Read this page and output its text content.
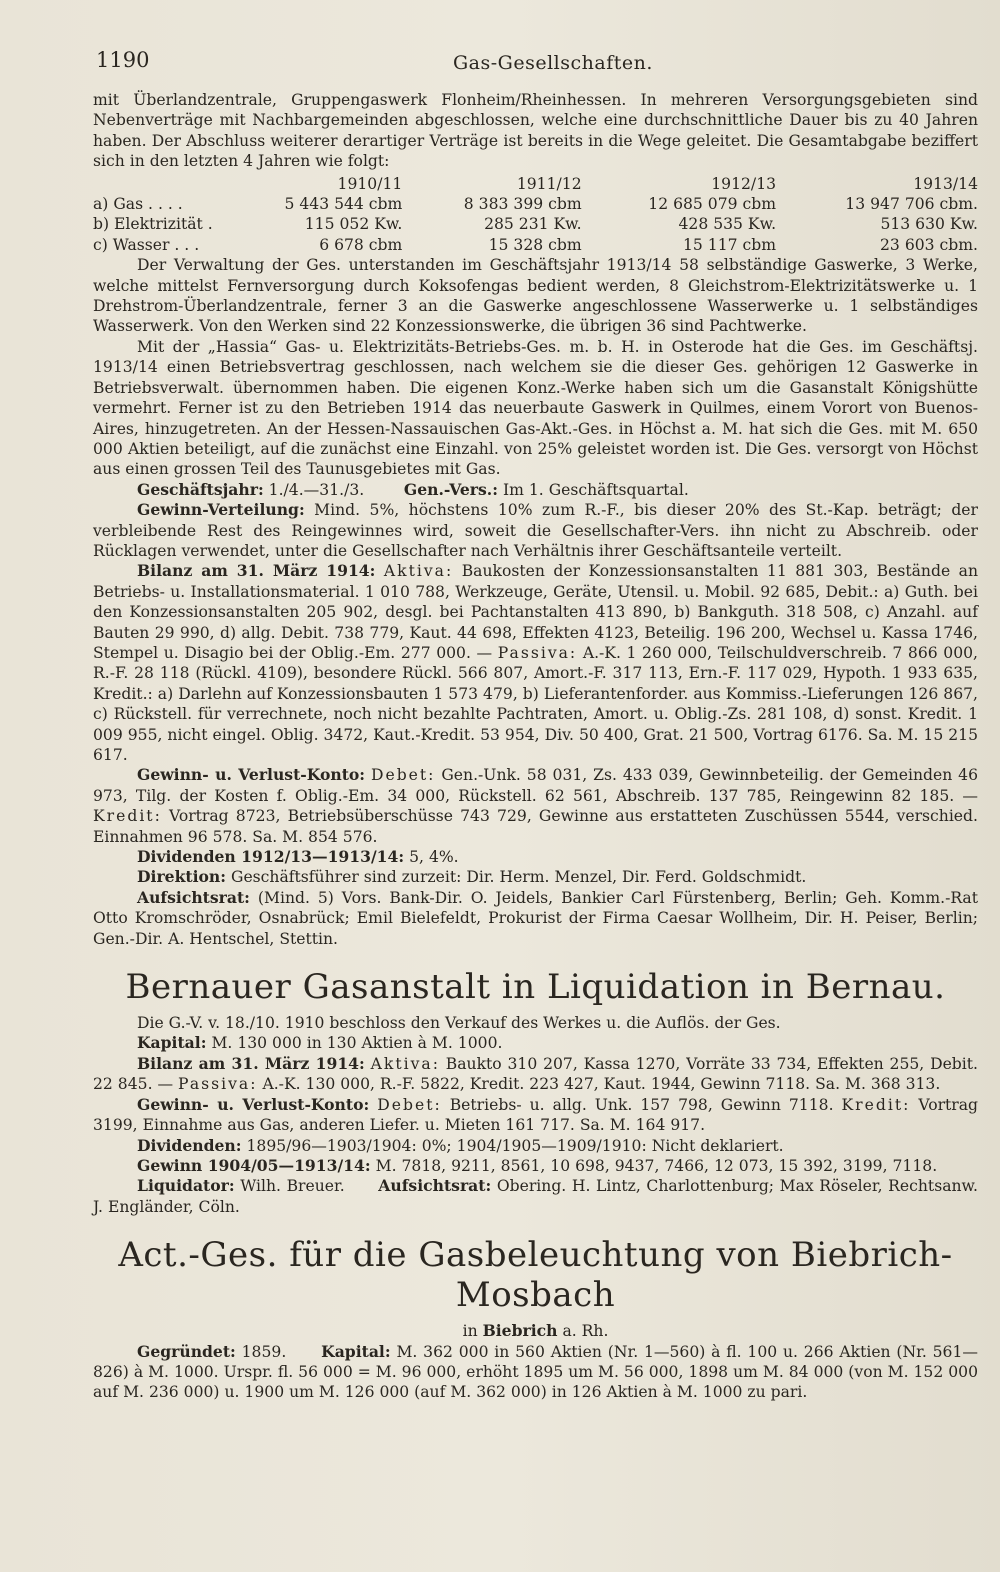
1190	Gas-Gesellschaften.

mit Überlandzentrale, Gruppengaswerk Flonheim/Rheinhessen. In mehreren Versorgungsgebieten sind Nebenverträge mit Nachbargemeinden abgeschlossen, welche eine durchschnittliche Dauer bis zu 40 Jahren haben. Der Abschluss weiterer derartiger Verträge ist bereits in die Wege geleitet. Die Gesamtabgabe beziffert sich in den letzten 4 Jahren wie folgt:

	1910/11	1911/12	1912/13	1913/14
a) Gas . . . .	5 443 544 cbm	8 383 399 cbm	12 685 079 cbm	13 947 706 cbm.
b) Elektrizität .	115 052 Kw.	285 231 Kw.	428 535 Kw.	513 630 Kw.
c) Wasser . . .	6 678 cbm	15 328 cbm	15 117 cbm	23 603 cbm.

Der Verwaltung der Ges. unterstanden im Geschäftsjahr 1913/14 58 selbständige Gaswerke, 3 Werke, welche mittelst Fernversorgung durch Koksofengas bedient werden, 8 Gleichstrom-Elektrizitätswerke u. 1 Drehstrom-Überlandzentrale, ferner 3 an die Gaswerke angeschlossene Wasserwerke u. 1 selbständiges Wasserwerk. Von den Werken sind 22 Konzessionswerke, die übrigen 36 sind Pachtwerke.

Mit der „Hassia“ Gas- u. Elektrizitäts-Betriebs-Ges. m. b. H. in Osterode hat die Ges. im Geschäftsj. 1913/14 einen Betriebsvertrag geschlossen, nach welchem sie die dieser Ges. gehörigen 12 Gaswerke in Betriebsverwalt. übernommen haben. Die eigenen Konz.-Werke haben sich um die Gasanstalt Königshütte vermehrt. Ferner ist zu den Betrieben 1914 das neuerbaute Gaswerk in Quilmes, einem Vorort von Buenos-Aires, hinzugetreten. An der Hessen-Nassauischen Gas-Akt.-Ges. in Höchst a. M. hat sich die Ges. mit M. 650 000 Aktien beteiligt, auf die zunächst eine Einzahl. von 25% geleistet worden ist. Die Ges. versorgt von Höchst aus einen grossen Teil des Taunusgebietes mit Gas.

Geschäftsjahr: 1./4.—31./3.	Gen.-Vers.: Im 1. Geschäftsquartal.

Gewinn-Verteilung: Mind. 5%, höchstens 10% zum R.-F., bis dieser 20% des St.-Kap. beträgt; der verbleibende Rest des Reingewinnes wird, soweit die Gesellschafter-Vers. ihn nicht zu Abschreib. oder Rücklagen verwendet, unter die Gesellschafter nach Verhältnis ihrer Geschäftsanteile verteilt.

Bilanz am 31. März 1914: Aktiva: Baukosten der Konzessionsanstalten 11 881 303, Bestände an Betriebs- u. Installationsmaterial. 1 010 788, Werkzeuge, Geräte, Utensil. u. Mobil. 92 685, Debit.: a) Guth. bei den Konzessionsanstalten 205 902, desgl. bei Pachtanstalten 413 890, b) Bankguth. 318 508, c) Anzahl. auf Bauten 29 990, d) allg. Debit. 738 779, Kaut. 44 698, Effekten 4123, Beteilig. 196 200, Wechsel u. Kassa 1746, Stempel u. Disagio bei der Oblig.-Em. 277 000. — Passiva: A.-K. 1 260 000, Teilschuldverschreib. 7 866 000, R.-F. 28 118 (Rückl. 4109), besondere Rückl. 566 807, Amort.-F. 317 113, Ern.-F. 117 029, Hypoth. 1 933 635, Kredit.: a) Darlehn auf Konzessionsbauten 1 573 479, b) Lieferantenforder. aus Kommiss.-Lieferungen 126 867, c) Rückstell. für verrechnete, noch nicht bezahlte Pachtraten, Amort. u. Oblig.-Zs. 281 108, d) sonst. Kredit. 1 009 955, nicht eingel. Oblig. 3472, Kaut.-Kredit. 53 954, Div. 50 400, Grat. 21 500, Vortrag 6176. Sa. M. 15 215 617.

Gewinn- u. Verlust-Konto: Debet: Gen.-Unk. 58 031, Zs. 433 039, Gewinnbeteilig. der Gemeinden 46 973, Tilg. der Kosten f. Oblig.-Em. 34 000, Rückstell. 62 561, Abschreib. 137 785, Reingewinn 82 185. — Kredit: Vortrag 8723, Betriebsüberschüsse 743 729, Gewinne aus erstatteten Zuschüssen 5544, verschied. Einnahmen 96 578. Sa. M. 854 576.

Dividenden 1912/13—1913/14: 5, 4%.

Direktion: Geschäftsführer sind zurzeit: Dir. Herm. Menzel, Dir. Ferd. Goldschmidt.

Aufsichtsrat: (Mind. 5) Vors. Bank-Dir. O. Jeidels, Bankier Carl Fürstenberg, Berlin; Geh. Komm.-Rat Otto Kromschröder, Osnabrück; Emil Bielefeldt, Prokurist der Firma Caesar Wollheim, Dir. H. Peiser, Berlin; Gen.-Dir. A. Hentschel, Stettin.

Bernauer Gasanstalt in Liquidation in Bernau.

Die G.-V. v. 18./10. 1910 beschloss den Verkauf des Werkes u. die Auflös. der Ges.

Kapital: M. 130 000 in 130 Aktien à M. 1000.

Bilanz am 31. März 1914: Aktiva: Baukto 310 207, Kassa 1270, Vorräte 33 734, Effekten 255, Debit. 22 845. — Passiva: A.-K. 130 000, R.-F. 5822, Kredit. 223 427, Kaut. 1944, Gewinn 7118. Sa. M. 368 313.

Gewinn- u. Verlust-Konto: Debet: Betriebs- u. allg. Unk. 157 798, Gewinn 7118. Kredit: Vortrag 3199, Einnahme aus Gas, anderen Liefer. u. Mieten 161 717. Sa. M. 164 917.

Dividenden: 1895/96—1903/1904: 0%; 1904/1905—1909/1910: Nicht deklariert.

Gewinn 1904/05—1913/14: M. 7818, 9211, 8561, 10 698, 9437, 7466, 12 073, 15 392, 3199, 7118.

Liquidator: Wilh. Breuer. Aufsichtsrat: Obering. H. Lintz, Charlottenburg; Max Röseler, Rechtsanw. J. Engländer, Cöln.

Act.-Ges. für die Gasbeleuchtung von Biebrich-Mosbach
in Biebrich a. Rh.

Gegründet: 1859. Kapital: M. 362 000 in 560 Aktien (Nr. 1—560) à fl. 100 u. 266 Aktien (Nr. 561—826) à M. 1000. Urspr. fl. 56 000 = M. 96 000, erhöht 1895 um M. 56 000, 1898 um M. 84 000 (von M. 152 000 auf M. 236 000) u. 1900 um M. 126 000 (auf M. 362 000) in 126 Aktien à M. 1000 zu pari.
